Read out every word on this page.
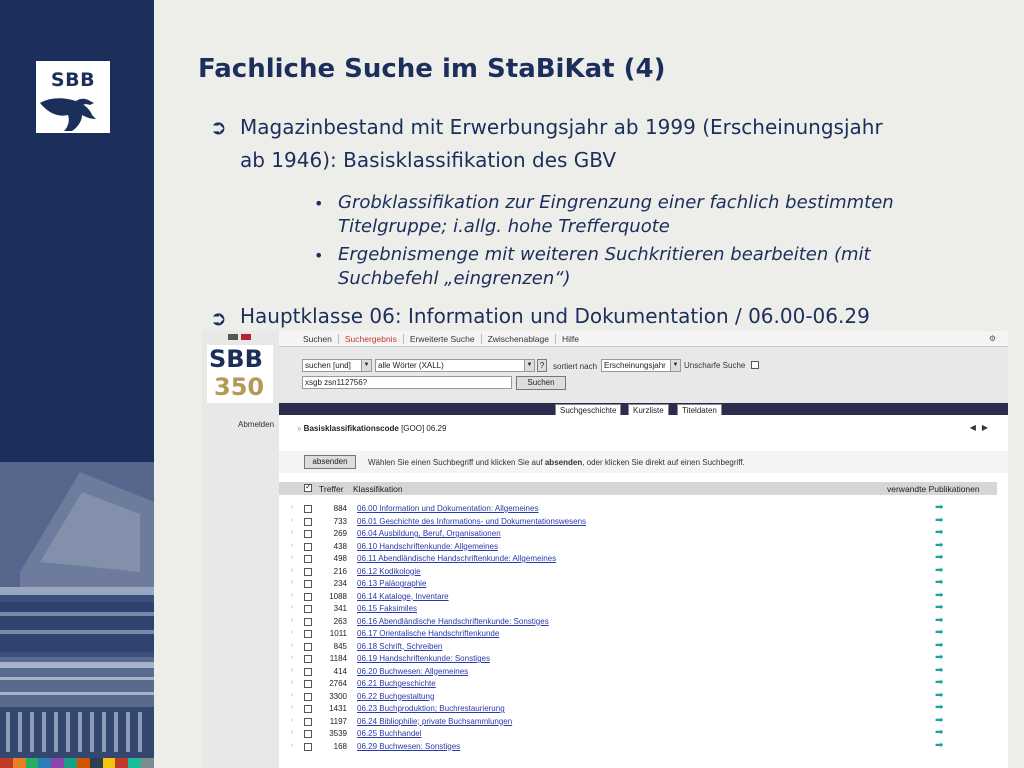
SBB	Fachliche Suche im StaBiKat (4)
➲ Magazinbestand mit Erwerbungsjahr ab 1999 (Erscheinungsjahr
ab 1946): Basisklassifikation des GBV
• Grobklassifikation zur Eingrenzung einer fachlich bestimmten
Titelgruppe; i.allg. hohe Trefferquote
• Ergebnismenge mit weiteren Suchkritieren bearbeiten (mit
Suchbefehl „eingrenzen“)
➲ Hauptklasse 06: Information und Dokumentation / 06.00-06.29
SBB
350
Abmelden
Suchen	Suchergebnis	Erweiterte Suche	Zwischenablage	Hilfe	⚙
suchen [und]	▼	alle Wörter (XALL)	▼ ?	sortiert nach Erscheinungsjahr	▼ Unscharfe Suche
xsgb zsn112756?	Suchen
Suchgeschichte	Kurzliste	Titeldaten
» Basisklassifikationscode [GOO] 06.29	◀▶
absenden	Wählen Sie einen Suchbegriff und klicken Sie auf absenden, oder klicken Sie direkt auf einen Suchbegriff.
✓ Treffer Klassifikation	verwandte Publikationen
›	884 06.00 Information und Dokumentation: Allgemeines	➡
›	733 06.01 Geschichte des Informations- und Dokumentationswesens	➡
›	269 06.04 Ausbildung, Beruf, Organisationen	➡
›	438 06.10 Handschriftenkunde: Allgemeines	➡
›	498 06.11 Abendländische Handschriftenkunde: Allgemeines	➡
›	216 06.12 Kodikologie	➡
›	234 06.13 Paläographie	➡
›	1088 06.14 Kataloge, Inventare	➡
›	341 06.15 Faksimiles	➡
›	263 06.16 Abendländische Handschriftenkunde: Sonstiges	➡
›	1011 06.17 Orientalische Handschriftenkunde	➡
›	845 06.18 Schrift, Schreiben	➡
›	1184 06.19 Handschriftenkunde: Sonstiges	➡
›	414 06.20 Buchwesen: Allgemeines	➡
›	2764 06.21 Buchgeschichte	➡
›	3300 06.22 Buchgestaltung	➡
›	1431 06.23 Buchproduktion; Buchrestaurierung	➡
›	1197 06.24 Bibliophilie; private Buchsammlungen	➡
›	3539 06.25 Buchhandel	➡
›	168 06.29 Buchwesen: Sonstiges	➡
